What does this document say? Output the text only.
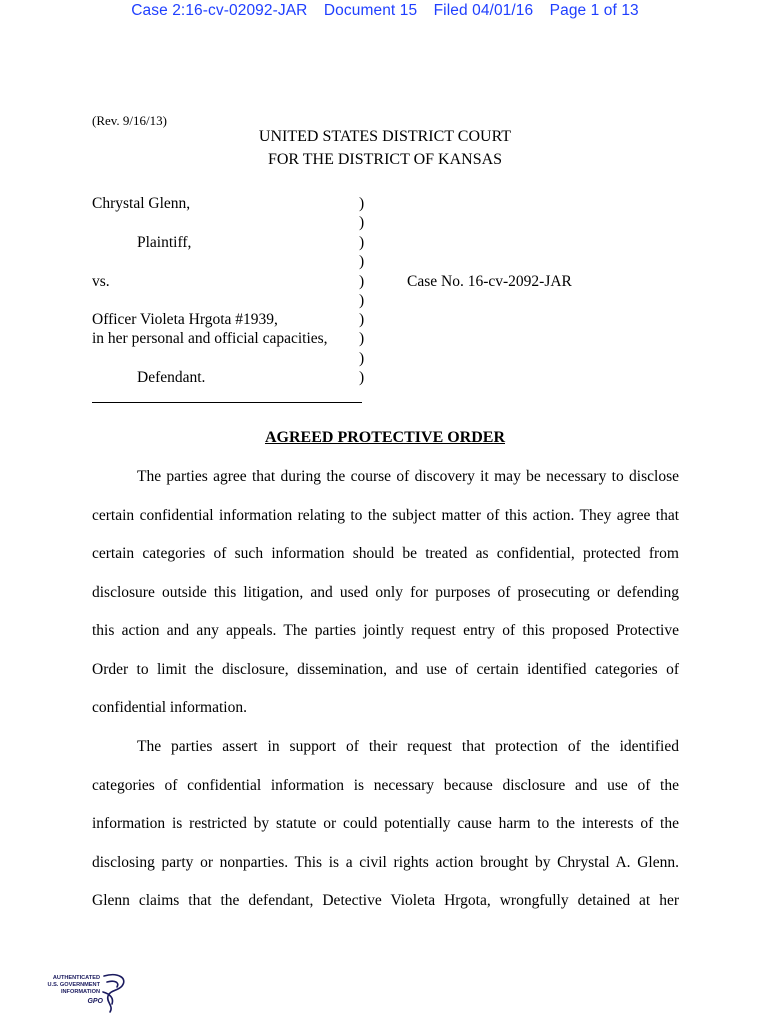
Case 2:16-cv-02092-JAR Document 15 Filed 04/01/16 Page 1 of 13
(Rev. 9/16/13)
UNITED STATES DISTRICT COURT
FOR THE DISTRICT OF KANSAS
Chrystal Glenn,
Plaintiff,
vs.
Officer Violeta Hrgota #1939,
in her personal and official capacities,
Defendant.
)
)
)
)
)
)
)
)
)
)
Case No. 16-cv-2092-JAR
AGREED PROTECTIVE ORDER
The parties agree that during the course of discovery it may be necessary to disclose
certain confidential information relating to the subject matter of this action. They agree that
certain categories of such information should be treated as confidential, protected from
disclosure outside this litigation, and used only for purposes of prosecuting or defending
this action and any appeals. The parties jointly request entry of this proposed Protective
Order to limit the disclosure, dissemination, and use of certain identified categories of
confidential information.
The parties assert in support of their request that protection of the identified
categories of confidential information is necessary because disclosure and use of the
information is restricted by statute or could potentially cause harm to the interests of the
disclosing party or nonparties. This is a civil rights action brought by Chrystal A. Glenn.
Glenn claims that the defendant, Detective Violeta Hrgota, wrongfully detained at her
AUTHENTICATED
U.S. GOVERNMENT
INFORMATION
GPO
